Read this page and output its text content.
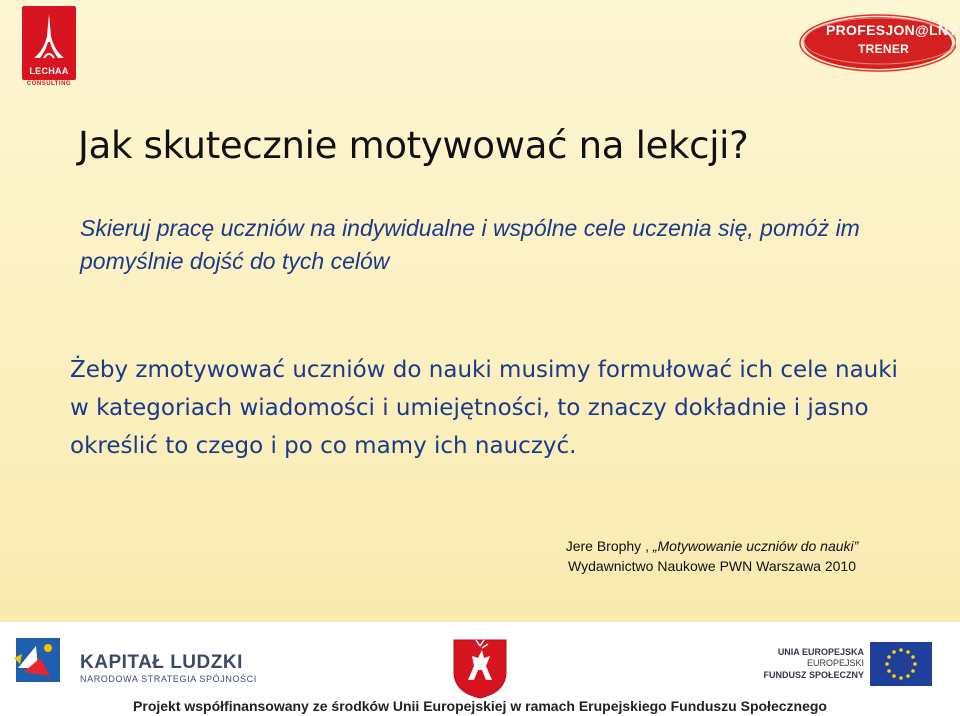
LECHAA
CONSULTING
PROFESJON@LNY
TRENER
Jak skutecznie motywować na lekcji?

Skieruj pracę uczniów na indywidualne i wspólne cele uczenia się, pomóż im pomyślnie dojść do tych celów

Żeby zmotywować uczniów do nauki musimy formułować ich cele nauki w kategoriach wiadomości i umiejętności, to znaczy dokładnie i jasno określić to czego i po co mamy ich nauczyć.

Jere Brophy , „Motywowanie uczniów do nauki”
Wydawnictwo Naukowe PWN Warszawa 2010
KAPITAŁ LUDZKI
NARODOWA STRATEGIA SPÓJNOŚCI
UNIA EUROPEJSKA
EUROPEJSKI
FUNDUSZ SPOŁECZNY
Projekt współfinansowany ze środków Unii Europejskiej w ramach Erupejskiego Funduszu Społecznego
